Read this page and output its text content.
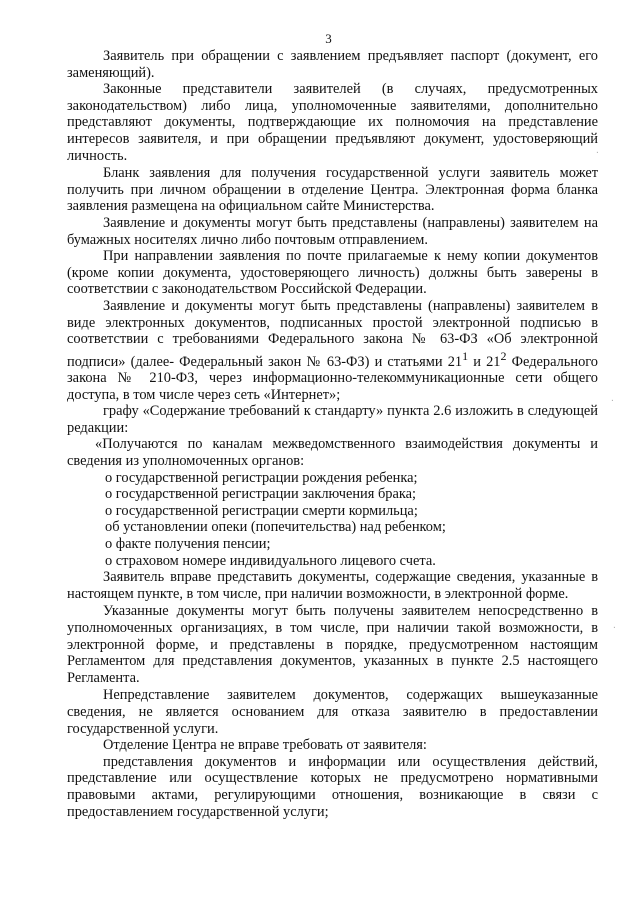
3

Заявитель при обращении с заявлением предъявляет паспорт (документ, его заменяющий).

Законные представители заявителей (в случаях, предусмотренных законодательством) либо лица, уполномоченные заявителями, дополнительно представляют документы, подтверждающие их полномочия на представление интересов заявителя, и при обращении предъявляют документ, удостоверяющий личность.

Бланк заявления для получения государственной услуги заявитель может получить при личном обращении в отделение Центра. Электронная форма бланка заявления размещена на официальном сайте Министерства.

Заявление и документы могут быть представлены (направлены) заявителем на бумажных носителях лично либо почтовым отправлением.

При направлении заявления по почте прилагаемые к нему копии документов (кроме копии документа, удостоверяющего личность) должны быть заверены в соответствии с законодательством Российской Федерации.

Заявление и документы могут быть представлены (направлены) заявителем в виде электронных документов, подписанных простой электронной подписью в соответствии с требованиями Федерального закона № 63-ФЗ «Об электронной подписи» (далее- Федеральный закон № 63-ФЗ) и статьями $21^1$ и $21^2$ Федерального закона № 210-ФЗ, через информационно-телекоммуникационные сети общего доступа, в том числе через сеть «Интернет»;

графу «Содержание требований к стандарту» пункта 2.6 изложить в следующей редакции:

«Получаются по каналам межведомственного взаимодействия документы и сведения из уполномоченных органов:

о государственной регистрации рождения ребенка;

о государственной регистрации заключения брака;

о государственной регистрации смерти кормильца;

об установлении опеки (попечительства) над ребенком;

о факте получения пенсии;

о страховом номере индивидуального лицевого счета.

Заявитель вправе представить документы, содержащие сведения, указанные в настоящем пункте, в том числе, при наличии возможности, в электронной форме.

Указанные документы могут быть получены заявителем непосредственно в уполномоченных организациях, в том числе, при наличии такой возможности, в электронной форме, и представлены в порядке, предусмотренном настоящим Регламентом для представления документов, указанных в пункте 2.5 настоящего Регламента.

Непредставление заявителем документов, содержащих вышеуказанные сведения, не является основанием для отказа заявителю в предоставлении государственной услуги.

Отделение Центра не вправе требовать от заявителя:

представления документов и информации или осуществления действий, представление или осуществление которых не предусмотрено нормативными правовыми актами, регулирующими отношения, возникающие в связи с предоставлением государственной услуги;

ˑ
ˑ
ˑ
